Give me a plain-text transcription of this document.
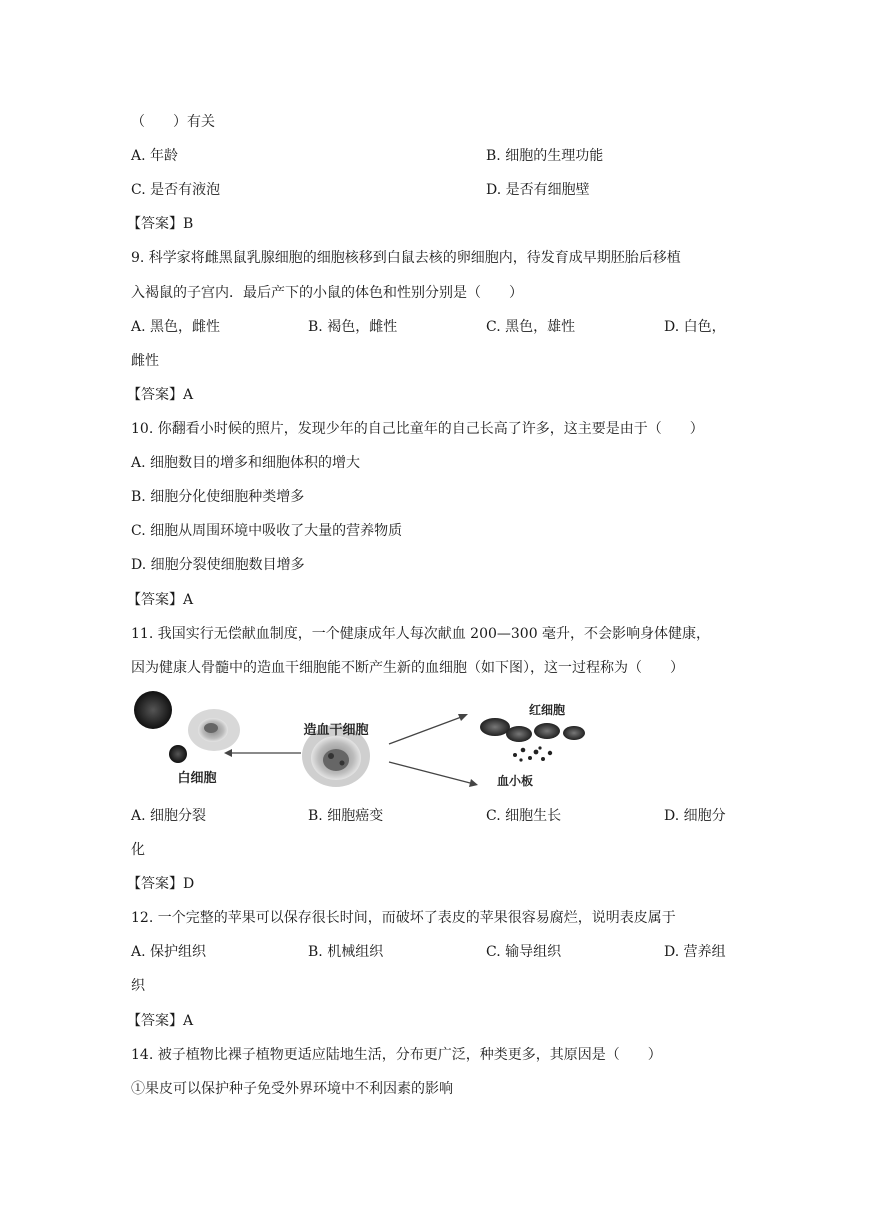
（　　）有关
A. 年龄	B. 细胞的生理功能
C. 是否有液泡	D. 是否有细胞壁
【答案】B
9. 科学家将雌黑鼠乳腺细胞的细胞核移到白鼠去核的卵细胞内，待发育成早期胚胎后移植
入褐鼠的子宫内．最后产下的小鼠的体色和性别分别是（　　）
A. 黑色，雌性	B. 褐色，雌性	C. 黑色，雄性	D. 白色，
雌性
【答案】A
10. 你翻看小时候的照片，发现少年的自己比童年的自己长高了许多，这主要是由于（　　）
A. 细胞数目的增多和细胞体积的增大
B. 细胞分化使细胞种类增多
C. 细胞从周围环境中吸收了大量的营养物质
D. 细胞分裂使细胞数目增多
【答案】A
11. 我国实行无偿献血制度，一个健康成年人每次献血 200—300 毫升，不会影响身体健康，
因为健康人骨髓中的造血干细胞能不断产生新的血细胞（如下图），这一过程称为（　　）
造血干细胞
白细胞
红细胞
血小板
A. 细胞分裂	B. 细胞癌变	C. 细胞生长	D. 细胞分
化
【答案】D
12. 一个完整的苹果可以保存很长时间，而破坏了表皮的苹果很容易腐烂，说明表皮属于
A. 保护组织	B. 机械组织	C. 输导组织	D. 营养组
织
【答案】A
14. 被子植物比裸子植物更适应陆地生活，分布更广泛，种类更多，其原因是（　　）
①果皮可以保护种子免受外界环境中不利因素的影响
